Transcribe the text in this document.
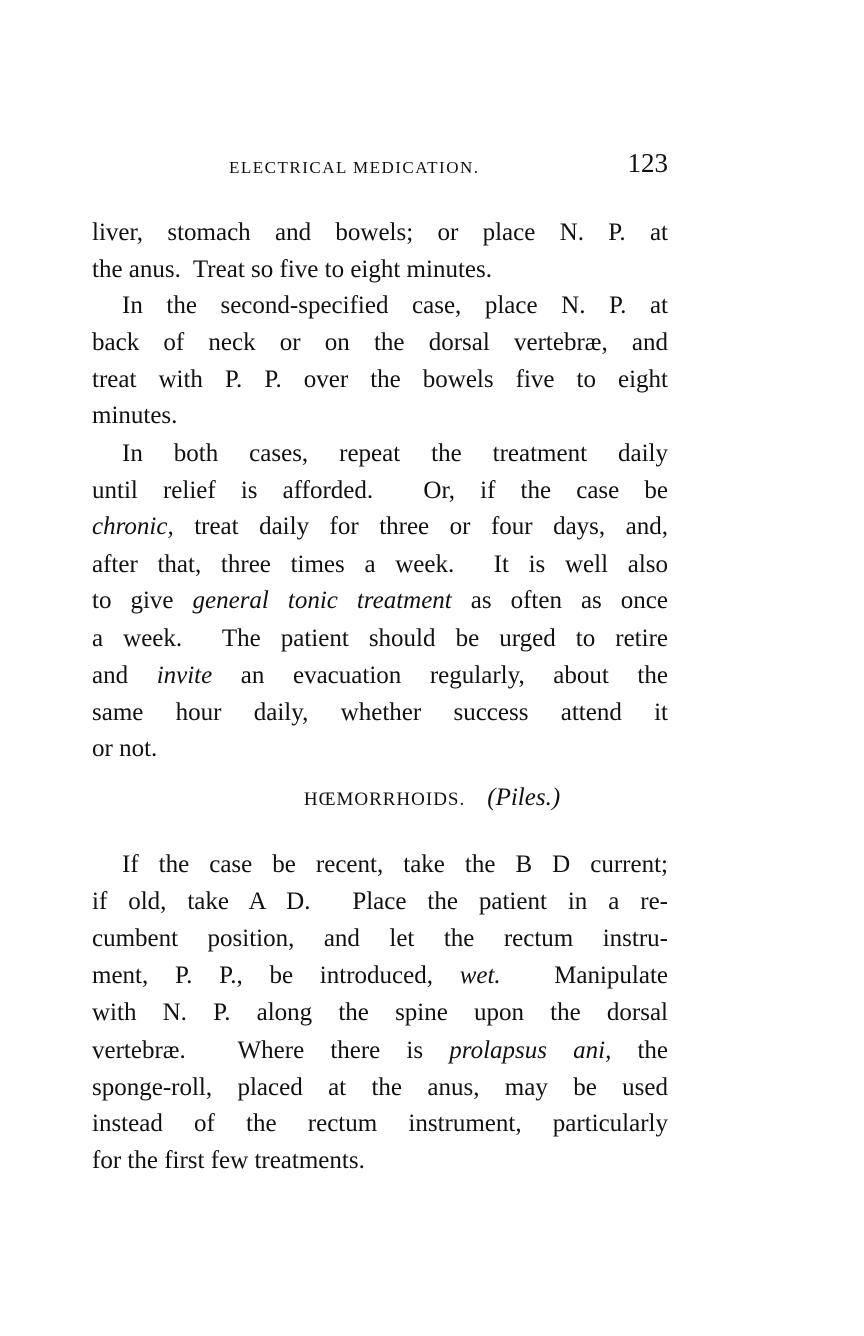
ELECTRICAL MEDICATION.	123
liver, stomach and bowels; or place N. P. at
the anus.  Treat so five to eight minutes.
In the second-specified case, place N. P. at
back of neck or on the dorsal vertebræ, and
treat with P. P. over the bowels five to eight
minutes.
In both cases, repeat the treatment daily
until relief is afforded.  Or, if the case be
chronic, treat daily for three or four days, and,
after that, three times a week.  It is well also
to give general tonic treatment as often as once
a week.  The patient should be urged to retire
and invite an evacuation regularly, about the
same hour daily, whether success attend it
or not.
If the case be recent, take the B D current;
if old, take A D.  Place the patient in a re-
cumbent position, and let the rectum instru-
ment, P. P., be introduced, wet.  Manipulate
with N. P. along the spine upon the dorsal
vertebræ.  Where there is prolapsus ani, the
sponge-roll, placed at the anus, may be used
instead of the rectum instrument, particularly
for the first few treatments.
HŒMORRHOIDS. (Piles.)
